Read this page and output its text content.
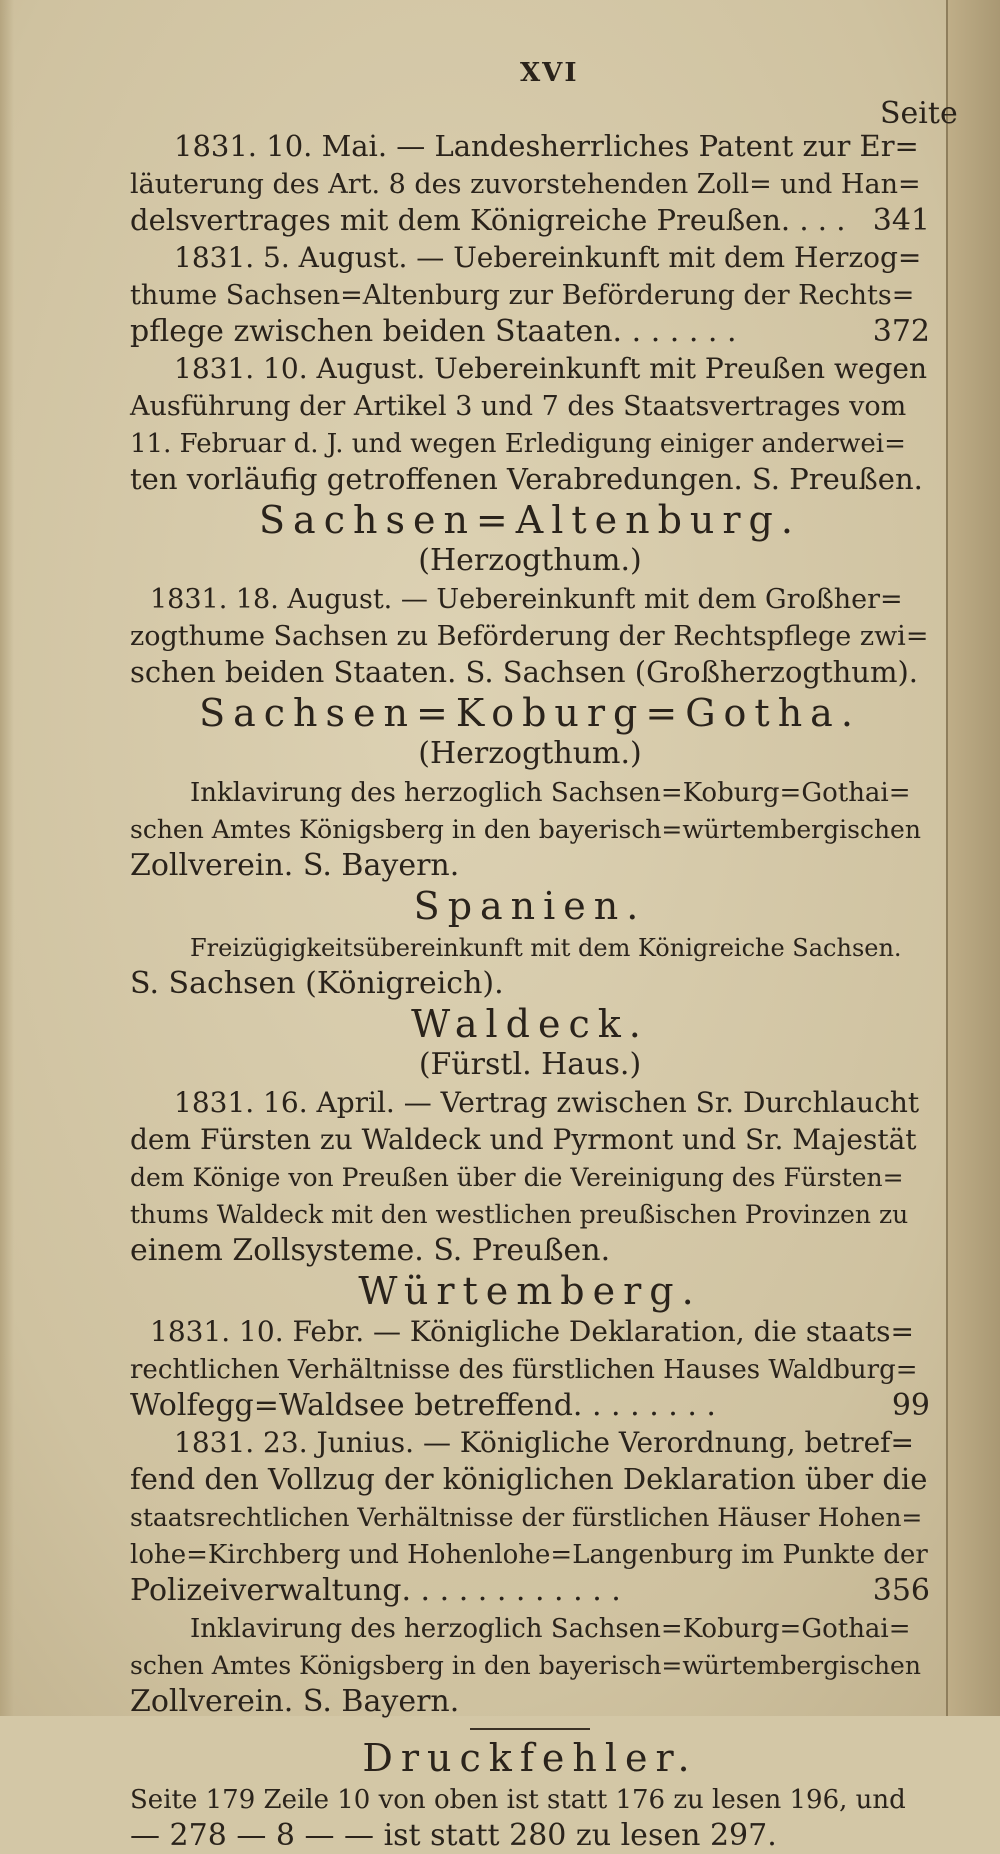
XVI
Seite
1831. 10. Mai. — Landesherrliches Patent zur Er=
läuterung des Art. 8 des zuvorstehenden Zoll= und Han=
delsvertrages mit dem Königreiche Preußen. . . . 341
1831. 5. August. — Uebereinkunft mit dem Herzog=
thume Sachsen=Altenburg zur Beförderung der Rechts=
pflege zwischen beiden Staaten. . . . . . .	372
1831. 10. August. Uebereinkunft mit Preußen wegen
Ausführung der Artikel 3 und 7 des Staatsvertrages vom
11. Februar d. J. und wegen Erledigung einiger anderwei=
ten vorläufig getroffenen Verabredungen. S. Preußen.
Sachsen=Altenburg.
(Herzogthum.)
1831. 18. August. — Uebereinkunft mit dem Großher=
zogthume Sachsen zu Beförderung der Rechtspflege zwi=
schen beiden Staaten. S. Sachsen (Großherzogthum).
Sachsen=Koburg=Gotha.
(Herzogthum.)
Inklavirung des herzoglich Sachsen=Koburg=Gothai=
schen Amtes Königsberg in den bayerisch=würtembergischen
Zollverein. S. Bayern.
Spanien.
Freizügigkeitsübereinkunft mit dem Königreiche Sachsen.
S. Sachsen (Königreich).
Waldeck.
(Fürstl. Haus.)
1831. 16. April. — Vertrag zwischen Sr. Durchlaucht
dem Fürsten zu Waldeck und Pyrmont und Sr. Majestät
dem Könige von Preußen über die Vereinigung des Fürsten=
thums Waldeck mit den westlichen preußischen Provinzen zu
einem Zollsysteme. S. Preußen.
Würtemberg.
1831. 10. Febr. — Königliche Deklaration, die staats=
rechtlichen Verhältnisse des fürstlichen Hauses Waldburg=
Wolfegg=Waldsee betreffend. . . . . . . .	99
1831. 23. Junius. — Königliche Verordnung, betref=
fend den Vollzug der königlichen Deklaration über die
staatsrechtlichen Verhältnisse der fürstlichen Häuser Hohen=
lohe=Kirchberg und Hohenlohe=Langenburg im Punkte der
Polizeiverwaltung. . . . . . . . . . . .	356
Inklavirung des herzoglich Sachsen=Koburg=Gothai=
schen Amtes Königsberg in den bayerisch=würtembergischen
Zollverein. S. Bayern.
Druckfehler.
Seite 179 Zeile 10 von oben ist statt 176 zu lesen 196, und
— 278 — 8 — — ist statt 280 zu lesen 297.
